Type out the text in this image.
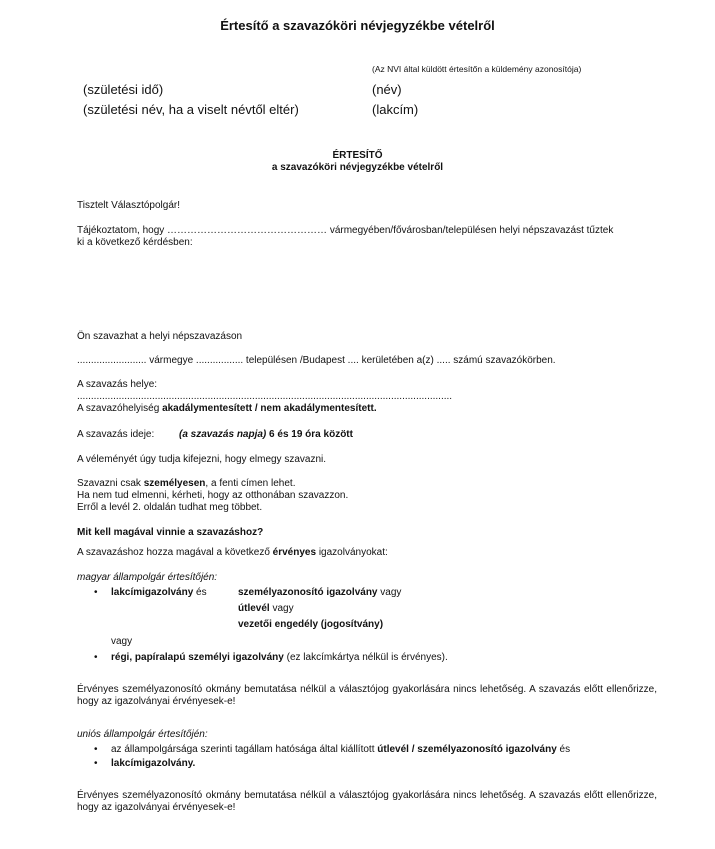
Értesítő a szavazóköri névjegyzékbe vételről
(Az NVI által küldött értesítőn a küldemény azonosítója)
(születési idő)	(név)
(születési név, ha a viselt névtől eltér)	(lakcím)
ÉRTESÍTŐ
a szavazóköri névjegyzékbe vételről
Tisztelt Választópolgár!
Tájékoztatom, hogy ………………………………………… vármegyében/fővárosban/településen helyi népszavazást tűztek
ki a következő kérdésben:
Ön szavazhat a helyi népszavazáson
......................... vármegye ................. településen /Budapest .... kerületében a(z) ..... számú szavazókörben.
A szavazás helye:
.......................................................................................................................................
A szavazóhelyiség akadálymentesített / nem akadálymentesített.
A szavazás ideje: (a szavazás napja) 6 és 19 óra között
A véleményét úgy tudja kifejezni, hogy elmegy szavazni.
Szavazni csak személyesen, a fenti címen lehet.
Ha nem tud elmenni, kérheti, hogy az otthonában szavazzon.
Erről a levél 2. oldalán tudhat meg többet.
Mit kell magával vinnie a szavazáshoz?
A szavazáshoz hozza magával a következő érvényes igazolványokat:
magyar állampolgár értesítőjén:
• lakcímigazolvány és	személyazonosító igazolvány vagy
útlevél vagy
vezetői engedély (jogosítvány)
vagy
• régi, papíralapú személyi igazolvány (ez lakcímkártya nélkül is érvényes).
Érvényes személyazonosító okmány bemutatása nélkül a választójog gyakorlására nincs lehetőség. A szavazás előtt ellenőrizze, hogy az igazolványai érvényesek-e!
uniós állampolgár értesítőjén:
• az állampolgársága szerinti tagállam hatósága által kiállított útlevél / személyazonosító igazolvány és
• lakcímigazolvány.
Érvényes személyazonosító okmány bemutatása nélkül a választójog gyakorlására nincs lehetőség. A szavazás előtt ellenőrizze, hogy az igazolványai érvényesek-e!
